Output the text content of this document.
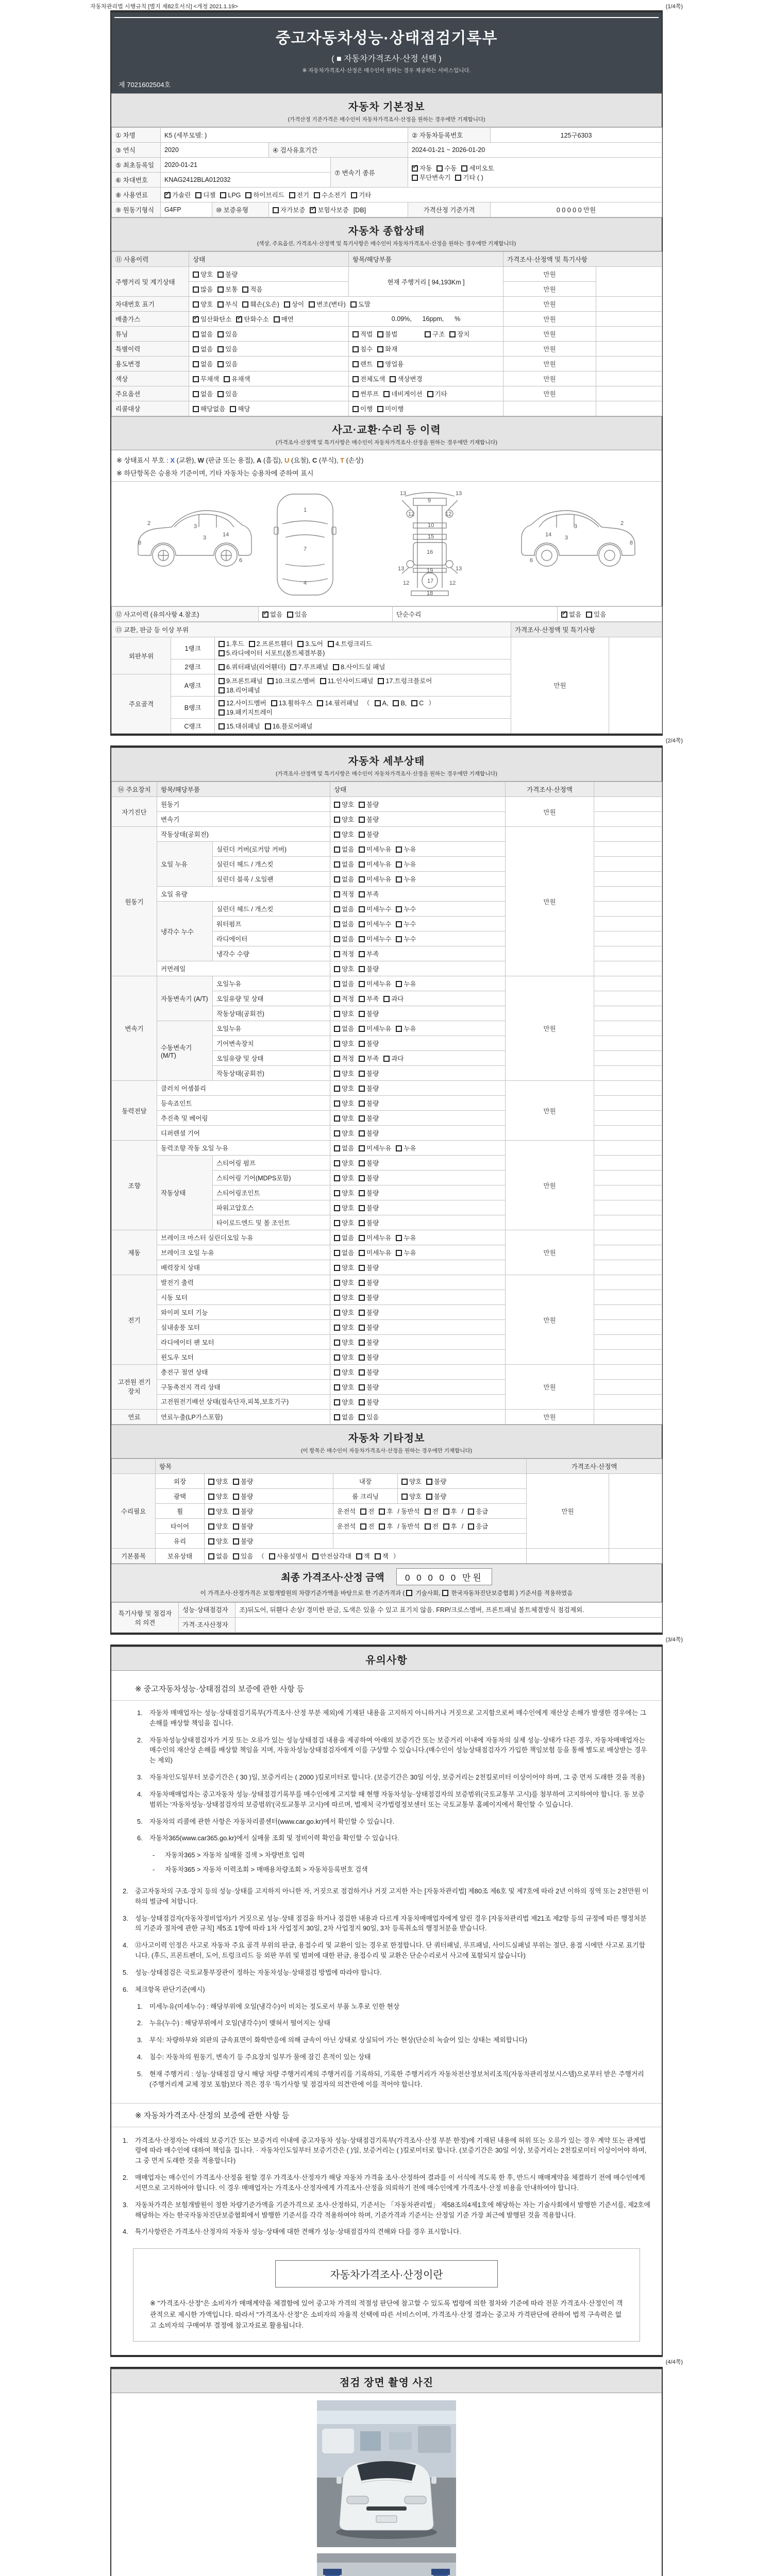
자동차관리법 시행규칙 [별지 제82호서식] <개정 2021.1.19>	(1/4쪽)
중고자동차성능·상태점검기록부
( ■ 자동차가격조사·산정 선택 )
※ 자동차가격조사·산정은 매수인이 원하는 경우 제공하는 서비스입니다.
제 7021602504호
자동차 기본정보
(가격산정 기준가격은 매수인이 자동차가격조사·산정을 원하는 경우에만 기재합니다)
① 차명	K5 (세부모델: )				② 자동차등록번호	125구6303
③ 연식	2020		④ 검사유효기간		2024-01-21 ~ 2026-01-20	
⑤ 최초등록일	2020-01-21			⑦ 변속기 종류	✓자동 수동 세미오토
무단변속기 기타 ( )
⑥ 차대번호	KNAG2412BLA012032					
⑧ 사용연료	✓가솔린 디젤 LPG 하이브리드 전기 수소전기 기타
⑨ 원동기형식	G4FP	⑩ 보증유형	자가보증 ✓ 보험사보증 [DB]		가격산정 기준가격	0 0 0 0 0 만원
자동차 종합상태
(색상, 주요옵션, 가격조사·산정액 및 특기사항은 매수인이 자동차가격조사·산정을 원하는 경우에만 기재합니다)
⑪ 사용이력	상태	항목/해당부품	가격조사·산정액 및 특기사항	
주행거리 및 계기상태	양호 불량	현재 주행거리 [ 94,193Km ]	만원	
	많음 보통 적음		만원	
차대번호 표기	양호 부식 훼손(오손) 상이 변조(변타) 도말		만원	
배출가스	✓일산화탄소 ✓ 탄화수소 매연	0.09%,      16ppm,      %	만원	
튜닝	없음 있음	적법 불법 구조 장치	만원	
특별이력	없음 있음	침수 화재	만원	
용도변경	없음 있음	렌트 영업용	만원	
색상	무채색 유채색	전체도색 색상변경	만원	
주요옵션	없음 있음	썬루프 네비게이션 기타	만원	
리콜대상	해당없음 해당	이행 미이행		
사고·교환·수리 등 이력
(가격조사·산정액 및 특기사항은 매수인이 자동차가격조사·산정을 원하는 경우에만 기재합니다)
※ 상태표시 부호 : X (교환), W (판금 또는 용접), A (흠집), U (요철), C (부식), T (손상)
※ 하단항목은 승용차 기준이며, 기타 자동차는 승용차에 준하여 표시
2
8
3
3	14
6
1
7
4
13	13
12	12
9
10
15
16
19
17
18
13	13
12	12
2
8
3
3
14
6
⑫ 사고이력 (유의사항 4.참조)	✓없음 있음	단순수리	✓없음 있음
⑬ 교환, 판금 등 이상 부위			가격조사·산정액 및 특기사항	
외판부위	1랭크	1.후드 2.프론트휀더 3.도어 4.트렁크리드
5.라디에이터 서포트(볼트체결부품)	만원	
	2랭크	6.쿼터패널(리어휀더) 7.루프패널 8.사이드실 패널		
주요골격	A랭크	9.프론트패널 10.크로스멤버 11.인사이드패널 17.트렁크플로어
18.리어패널		
	B랭크	12.사이드멤버 13.휠하우스 14.필러패널 （ A, B, C ）
19.패키지트레이		
	C랭크	15.대쉬패널 16.플로어패널		
(2/4쪽)
자동차 세부상태
(가격조사·산정액 및 특기사항은 매수인이 자동차가격조사·산정을 원하는 경우에만 기재합니다)
⑭ 주요장치	항목/해당부품		상태	가격조사·산정액	
자기진단	원동기		양호 불량	만원	
	변속기		양호 불량		
원동기	작동상태(공회전)		양호 불량	만원	
	오일 누유	실린더 커버(로커암 커버)	없음 미세누유 누유		
		실린더 헤드 / 개스킷	없음 미세누유 누유		
		실린더 블록 / 오일팬	없음 미세누유 누유		
	오일 유량		적정 부족		
	냉각수 누수	실린더 헤드 / 개스킷	없음 미세누수 누수		
		워터펌프	없음 미세누수 누수		
		라디에이터	없음 미세누수 누수		
		냉각수 수량	적정 부족		
	커먼레일		양호 불량		
변속기	자동변속기 (A/T)	오일누유	없음 미세누유 누유	만원	
		오일유량 및 상태	적정 부족 과다		
		작동상태(공회전)	양호 불량		
	수동변속기 (M/T)	오일누유	없음 미세누유 누유		
		기어변속장치	양호 불량		
		오일유량 및 상태	적정 부족 과다		
		작동상태(공회전)	양호 불량		
동력전달	클러치 어셈블리		양호 불량	만원	
	등속죠인트		양호 불량		
	추진축 및 베어링		양호 불량		
	디퍼렌셜 기어		양호 불량		
조향	동력조향 작동 오일 누유		없음 미세누유 누유	만원	
	작동상태	스티어링 펌프	양호 불량		
		스티어링 기어(MDPS포함)	양호 불량		
		스티어링조인트	양호 불량		
		파워고압호스	양호 불량		
		타이로드엔드 및 볼 조인트	양호 불량		
제동	브레이크 마스터 실린더오일 누유		없음 미세누유 누유	만원	
	브레이크 오일 누유		없음 미세누유 누유		
	배력장치 상태		양호 불량		
전기	발전기 출력		양호 불량	만원	
	시동 모터		양호 불량		
	와이퍼 모터 기능		양호 불량		
	실내송풍 모터		양호 불량		
	라디에이터 팬 모터		양호 불량		
	윈도우 모터		양호 불량		
고전원 전기장치	충전구 절연 상태		양호 불량	만원	
	구동축전지 격리 상태		양호 불량		
	고전원전기배선 상태(접속단자,피복,보호기구)		양호 불량		
연료	연료누출(LP가스포함)		없음 있음	만원	
자동차 기타정보
(이 항목은 매수인이 자동차가격조사·산정을 원하는 경우에만 기재합니다)
	항목				가격조사·산정액	
수리필요	외장	양호 불량	내장	양호 불량	만원	
	광택	양호 불량	룸 크리닝	양호 불량		
	휠	양호 불량	운전석 전 후 / 동반석 전 후 / 응급			
	타이어	양호 불량	운전석 전 후 / 동반석 전 후 / 응급			
	유리	양호 불량				
기본품목	보유상태	없음 있음 （ 사용설명서 안전삼각대 잭 잭 ）				
최종 가격조사·산정 금액 0 0 0 0 0 만원
이 가격조사·산정가격은 보험개발원의 차량기준가액을 바탕으로 한 기준가격과 ( 기술사회, 한국자동차진단보증협회 ) 기준서를 적용하였음
특기사항 및 점검자의 의견	성능·상태점검자	조)뒤도어, 뒤휀다 손상/ 경미한 판금, 도색은 있을 수 있고 표기치 않음. FRP/크로스멤버, 프론트패널 볼트체결방식 점검제외.
	가격·조사산정자	
(3/4쪽)
유의사항
※ 중고자동차성능·상태점검의 보증에 관한 사항 등
1.	자동차 매매업자는 성능·상태점검기록부(가격조사·산정 부분 제외)에 기재된 내용을 고지하지 아니하거나 거짓으로 고지함으로써 매수인에게 재산상 손해가 발생한 경우에는 그 손해를 배상할 책임을 집니다.
2.	자동차성능상태점검자가 거짓 또는 오류가 있는 성능상태점검 내용을 제공하여 아래의 보증기간 또는 보증거리 이내에 자동차의 실제 성능·상태가 다른 경우, 자동차매매업자는 매수인의 재산상 손해를 배상할 책임을 지며, 자동차성능상태점검자에게 이를 구상할 수 있습니다.(매수인이 성능상태점검자가 가입한 책임보험 등을 통해 별도로 배상받는 경우는 제외)
3.	자동차인도일부터 보증기간은 ( 30 )일, 보증거리는 ( 2000 )킬로미터로 합니다. (보증기간은 30일 이상, 보증거리는 2천킬로미터 이상이어야 하며, 그 중 먼저 도래한 것을 적용)
4.	자동차매매업자는 중고자동차 성능·상태점검기록부를 매수인에게 고지할 때 현행 자동차성능·상태점검자의 보증범위(국토교통부 고시)를 첨부하여 고지하여야 합니다. 동 보증범위는 '자동차성능·상태점검자의 보증범위'(국토교통부 고시)에 따르며, 법제처 국가법령정보센터 또는 국토교통부 홈페이지에서 확인할 수 있습니다.
5.	자동차의 리콜에 관한 사항은 자동차리콜센터(www.car.go.kr)에서 확인할 수 있습니다.
6.	자동차365(www.car365.go.kr)에서 실매물 조회 및 정비이력 확인을 확인할 수 있습니다.
-	자동차365 > 자동차 실매물 검색 > 차량번호 입력
-	자동차365 > 자동차 이력조회 > 매매용차량조회 > 자동차등록번호 검색
2.	중고자동차의 구조·장치 등의 성능·상태를 고지하지 아니한 자, 거짓으로 점검하거나 거짓 고지한 자는 [자동차관리법] 제80조 제6호 및 제7호에 따라 2년 이하의 징역 또는 2천만원 이하의 벌금에 처합니다.
3.	성능·상태점검자(자동차정비업자)가 거짓으로 성능·상태 점검을 하거나 점검한 내용과 다르게 자동차매매업자에게 알린 경우 [자동차관리법 제21조 제2항 등의 규정에 따른 행정처분의 기준과 절차에 관한 규칙] 제5조 1항에 따라 1차 사업정지 30일, 2차 사업정지 90일, 3차 등록취소의 행정처분을 받습니다.
4.	⑫사고이력 인정은 사고로 자동차 주요 골격 부위의 판금, 용접수리 및 교환이 있는 경우로 한정합니다. 단 쿼터패널, 루프패널, 사이드실패널 부위는 절단, 용접 시에만 사고로 표기합니다. (후드, 프론트펜더, 도어, 트렁크리드 등 외판 부위 및 범퍼에 대한 판금, 용접수리 및 교환은 단순수리로서 사고에 포함되지 않습니다)
5.	성능·상태점검은 국토교통부장관이 정하는 자동차성능·상태점검 방법에 따라야 합니다.
6.	체크항목 판단기준(예시)
1.	미세누유(미세누수) : 해당부위에 오일(냉각수)이 비치는 정도로서 부품 노후로 인한 현상
2.	누유(누수) : 해당부위에서 오일(냉각수)이 맺혀서 떨어지는 상태
3.	부식: 차량하부와 외판의 금속표면이 화학반응에 의해 금속이 아닌 상태로 상실되어 가는 현상(단순히 녹슬어 있는 상태는 제외합니다)
4.	침수: 자동차의 원동기, 변속기 등 주요장치 일부가 물에 잠긴 흔적이 있는 상태
5.	현재 주행거리 : 성능·상태점검 당시 해당 차량 주행거리계의 주행거리를 기록하되, 기록한 주행거리가 자동차전산정보처리조직(자동차관리정보시스템)으로부터 받은 주행거리(주행거리계 교체 정보 포함)보다 적은 경우 '특기사항 및 점검자의 의견'란에 이를 적어야 합니다.
※ 자동차가격조사·산정의 보증에 관한 사항 등
1.	가격조사·산정자는 아래의 보증기간 또는 보증거리 이내에 중고자동차 성능·상태점검기록부(가격조사·산정 부분 한정)에 기재된 내용에 허위 또는 오류가 있는 경우 계약 또는 관계법령에 따라 매수인에 대하여 책임을 집니다. · 자동차인도일부터 보증기간은 ( )일, 보증거리는 ( )킬로미터로 합니다. (보증기간은 30일 이상, 보증거리는 2천킬로미터 이상이어야 하며, 그 중 먼저 도래한 것을 적용합니다)
2.	매매업자는 매수인이 가격조사·산정을 원할 경우 가격조사·산정자가 해당 자동차 가격을 조사·산정하여 결과를 이 서식에 적도록 한 후, 반드시 매매계약을 체결하기 전에 매수인에게 서면으로 고지하여야 합니다. 이 경우 매매업자는 가격조사·산정자에게 가격조사·산정을 의뢰하기 전에 매수인에게 가격조사·산정 비용을 안내하여야 합니다.
3.	자동차가격은 보험개발원이 정한 차량기준가액을 기준가격으로 조사·산정하되, 기준서는 「자동차관리법」 제58조의4제1호에 해당하는 자는 기술사회에서 발행한 기준서를, 제2호에 해당하는 자는 한국자동차진단보증협회에서 발행한 기준서를 각각 적용하여야 하며, 기준가격과 기준서는 산정일 기준 가장 최근에 발행된 것을 적용합니다.
4.	특기사항란은 가격조사·산정자의 자동차 성능·상태에 대한 견해가 성능·상태점검자의 견해와 다를 경우 표시합니다.
자동차가격조사·산정이란
※ "가격조사·산정"은 소비자가 매매계약을 체결함에 있어 중고차 가격의 적절성 판단에 참고할 수 있도록 법령에 의한 절차와 기준에 따라 전문 가격조사·산정인이 객관적으로 제시한 가액입니다. 따라서 "가격조사·산정"은 소비자의 자율적 선택에 따른 서비스이며, 가격조사·산정 결과는 중고차 가격판단에 관하여 법적 구속력은 없고 소비자의 구매여부 결정에 참고자료로 활용됩니다.
(4/4쪽)
점검 장면 촬영 사진
